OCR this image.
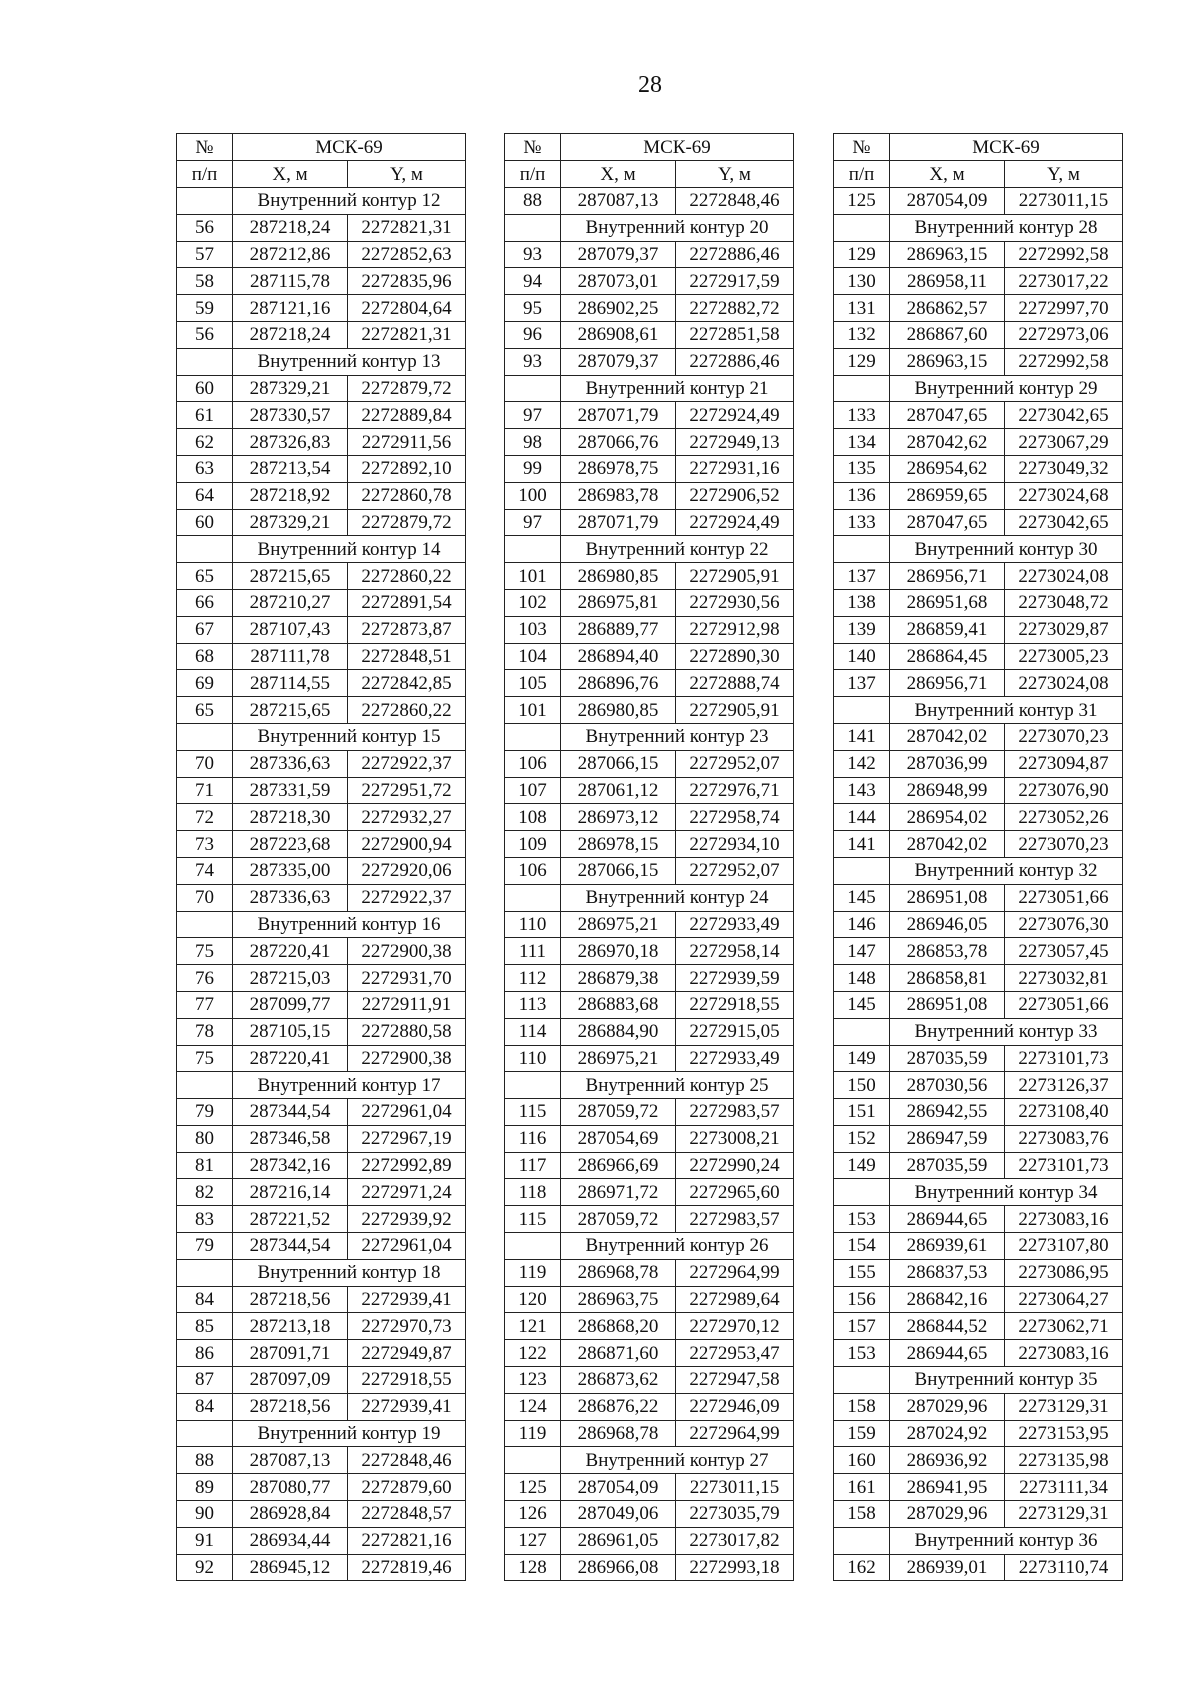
28
№	МСК-69	
п/п	X, м	Y, м
	Внутренний контур 12	
56	287218,24	2272821,31
57	287212,86	2272852,63
58	287115,78	2272835,96
59	287121,16	2272804,64
56	287218,24	2272821,31
	Внутренний контур 13	
60	287329,21	2272879,72
61	287330,57	2272889,84
62	287326,83	2272911,56
63	287213,54	2272892,10
64	287218,92	2272860,78
60	287329,21	2272879,72
	Внутренний контур 14	
65	287215,65	2272860,22
66	287210,27	2272891,54
67	287107,43	2272873,87
68	287111,78	2272848,51
69	287114,55	2272842,85
65	287215,65	2272860,22
	Внутренний контур 15	
70	287336,63	2272922,37
71	287331,59	2272951,72
72	287218,30	2272932,27
73	287223,68	2272900,94
74	287335,00	2272920,06
70	287336,63	2272922,37
	Внутренний контур 16	
75	287220,41	2272900,38
76	287215,03	2272931,70
77	287099,77	2272911,91
78	287105,15	2272880,58
75	287220,41	2272900,38
	Внутренний контур 17	
79	287344,54	2272961,04
80	287346,58	2272967,19
81	287342,16	2272992,89
82	287216,14	2272971,24
83	287221,52	2272939,92
79	287344,54	2272961,04
	Внутренний контур 18	
84	287218,56	2272939,41
85	287213,18	2272970,73
86	287091,71	2272949,87
87	287097,09	2272918,55
84	287218,56	2272939,41
	Внутренний контур 19	
88	287087,13	2272848,46
89	287080,77	2272879,60
90	286928,84	2272848,57
91	286934,44	2272821,16
92	286945,12	2272819,46
№	МСК-69	
п/п	X, м	Y, м
88	287087,13	2272848,46
	Внутренний контур 20	
93	287079,37	2272886,46
94	287073,01	2272917,59
95	286902,25	2272882,72
96	286908,61	2272851,58
93	287079,37	2272886,46
	Внутренний контур 21	
97	287071,79	2272924,49
98	287066,76	2272949,13
99	286978,75	2272931,16
100	286983,78	2272906,52
97	287071,79	2272924,49
	Внутренний контур 22	
101	286980,85	2272905,91
102	286975,81	2272930,56
103	286889,77	2272912,98
104	286894,40	2272890,30
105	286896,76	2272888,74
101	286980,85	2272905,91
	Внутренний контур 23	
106	287066,15	2272952,07
107	287061,12	2272976,71
108	286973,12	2272958,74
109	286978,15	2272934,10
106	287066,15	2272952,07
	Внутренний контур 24	
110	286975,21	2272933,49
111	286970,18	2272958,14
112	286879,38	2272939,59
113	286883,68	2272918,55
114	286884,90	2272915,05
110	286975,21	2272933,49
	Внутренний контур 25	
115	287059,72	2272983,57
116	287054,69	2273008,21
117	286966,69	2272990,24
118	286971,72	2272965,60
115	287059,72	2272983,57
	Внутренний контур 26	
119	286968,78	2272964,99
120	286963,75	2272989,64
121	286868,20	2272970,12
122	286871,60	2272953,47
123	286873,62	2272947,58
124	286876,22	2272946,09
119	286968,78	2272964,99
	Внутренний контур 27	
125	287054,09	2273011,15
126	287049,06	2273035,79
127	286961,05	2273017,82
128	286966,08	2272993,18
№	МСК-69	
п/п	X, м	Y, м
125	287054,09	2273011,15
	Внутренний контур 28	
129	286963,15	2272992,58
130	286958,11	2273017,22
131	286862,57	2272997,70
132	286867,60	2272973,06
129	286963,15	2272992,58
	Внутренний контур 29	
133	287047,65	2273042,65
134	287042,62	2273067,29
135	286954,62	2273049,32
136	286959,65	2273024,68
133	287047,65	2273042,65
	Внутренний контур 30	
137	286956,71	2273024,08
138	286951,68	2273048,72
139	286859,41	2273029,87
140	286864,45	2273005,23
137	286956,71	2273024,08
	Внутренний контур 31	
141	287042,02	2273070,23
142	287036,99	2273094,87
143	286948,99	2273076,90
144	286954,02	2273052,26
141	287042,02	2273070,23
	Внутренний контур 32	
145	286951,08	2273051,66
146	286946,05	2273076,30
147	286853,78	2273057,45
148	286858,81	2273032,81
145	286951,08	2273051,66
	Внутренний контур 33	
149	287035,59	2273101,73
150	287030,56	2273126,37
151	286942,55	2273108,40
152	286947,59	2273083,76
149	287035,59	2273101,73
	Внутренний контур 34	
153	286944,65	2273083,16
154	286939,61	2273107,80
155	286837,53	2273086,95
156	286842,16	2273064,27
157	286844,52	2273062,71
153	286944,65	2273083,16
	Внутренний контур 35	
158	287029,96	2273129,31
159	287024,92	2273153,95
160	286936,92	2273135,98
161	286941,95	2273111,34
158	287029,96	2273129,31
	Внутренний контур 36	
162	286939,01	2273110,74
